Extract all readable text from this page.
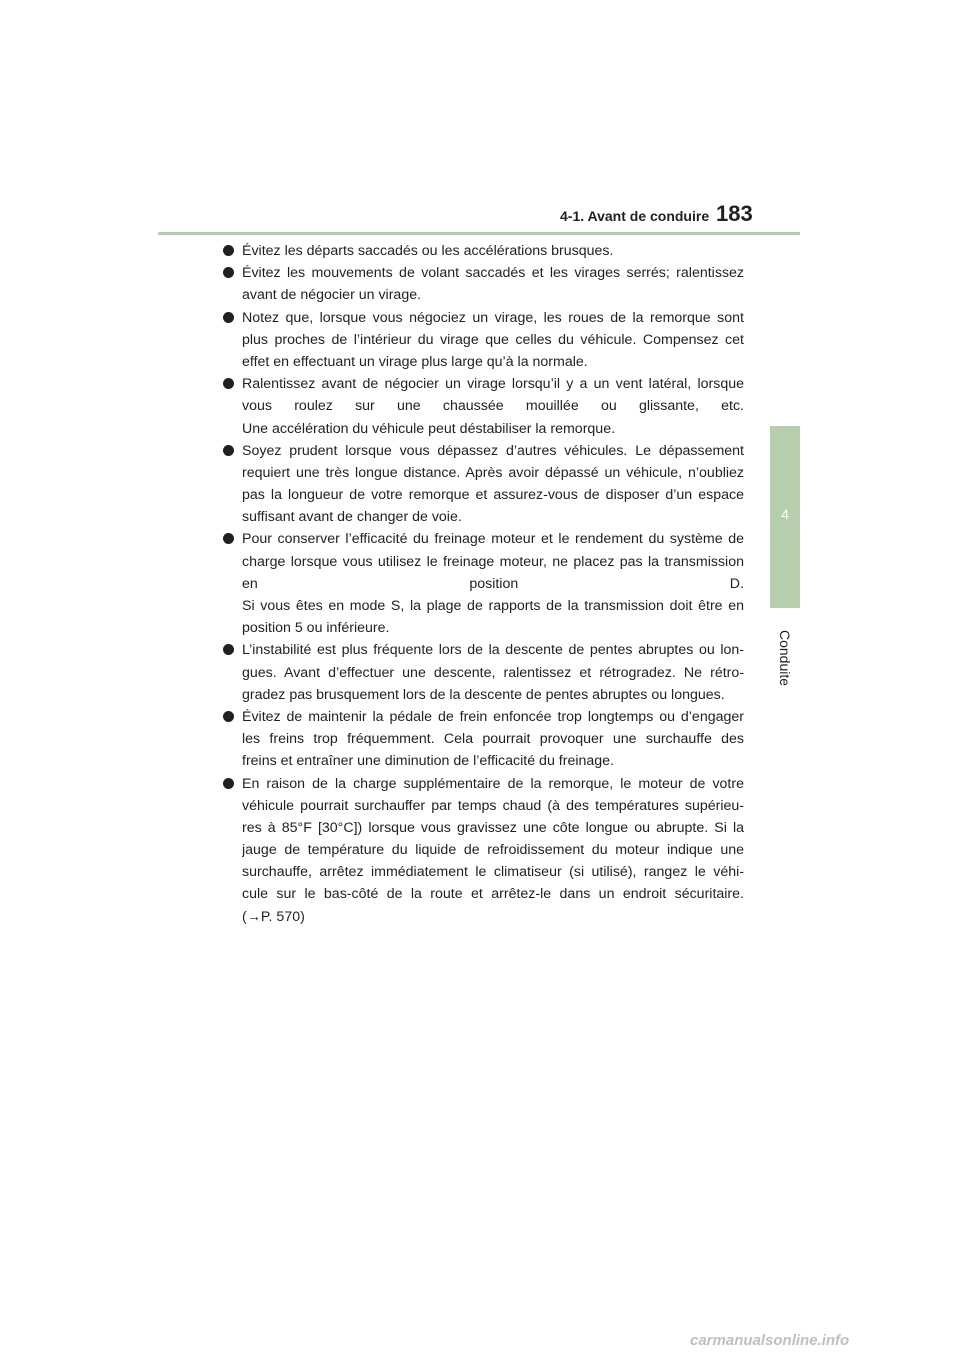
4-1. Avant de conduire 183
4
Conduite
Évitez les départs saccadés ou les accélérations brusques.
Évitez les mouvements de volant saccadés et les virages serrés; ralentissez
avant de négocier un virage.
Notez que, lorsque vous négociez un virage, les roues de la remorque sont
plus proches de l’intérieur du virage que celles du véhicule. Compensez cet
effet en effectuant un virage plus large qu’à la normale.
Ralentissez avant de négocier un virage lorsqu’il y a un vent latéral, lorsque
vous roulez sur une chaussée mouillée ou glissante, etc.
Une accélération du véhicule peut déstabiliser la remorque.
Soyez prudent lorsque vous dépassez d’autres véhicules. Le dépassement
requiert une très longue distance. Après avoir dépassé un véhicule, n’oubliez
pas la longueur de votre remorque et assurez-vous de disposer d’un espace
suffisant avant de changer de voie.
Pour conserver l’efficacité du freinage moteur et le rendement du système de
charge lorsque vous utilisez le freinage moteur, ne placez pas la transmission
en position D.
Si vous êtes en mode S, la plage de rapports de la transmission doit être en
position 5 ou inférieure.
L’instabilité est plus fréquente lors de la descente de pentes abruptes ou lon-
gues. Avant d’effectuer une descente, ralentissez et rétrogradez. Ne rétro-
gradez pas brusquement lors de la descente de pentes abruptes ou longues.
Évitez de maintenir la pédale de frein enfoncée trop longtemps ou d’engager
les freins trop fréquemment. Cela pourrait provoquer une surchauffe des
freins et entraîner une diminution de l’efficacité du freinage.
En raison de la charge supplémentaire de la remorque, le moteur de votre
véhicule pourrait surchauffer par temps chaud (à des températures supérieu-
res à 85°F [30°C]) lorsque vous gravissez une côte longue ou abrupte. Si la
jauge de température du liquide de refroidissement du moteur indique une
surchauffe, arrêtez immédiatement le climatiseur (si utilisé), rangez le véhi-
cule sur le bas-côté de la route et arrêtez-le dans un endroit sécuritaire.
(→P. 570)
carmanualsonline.info
